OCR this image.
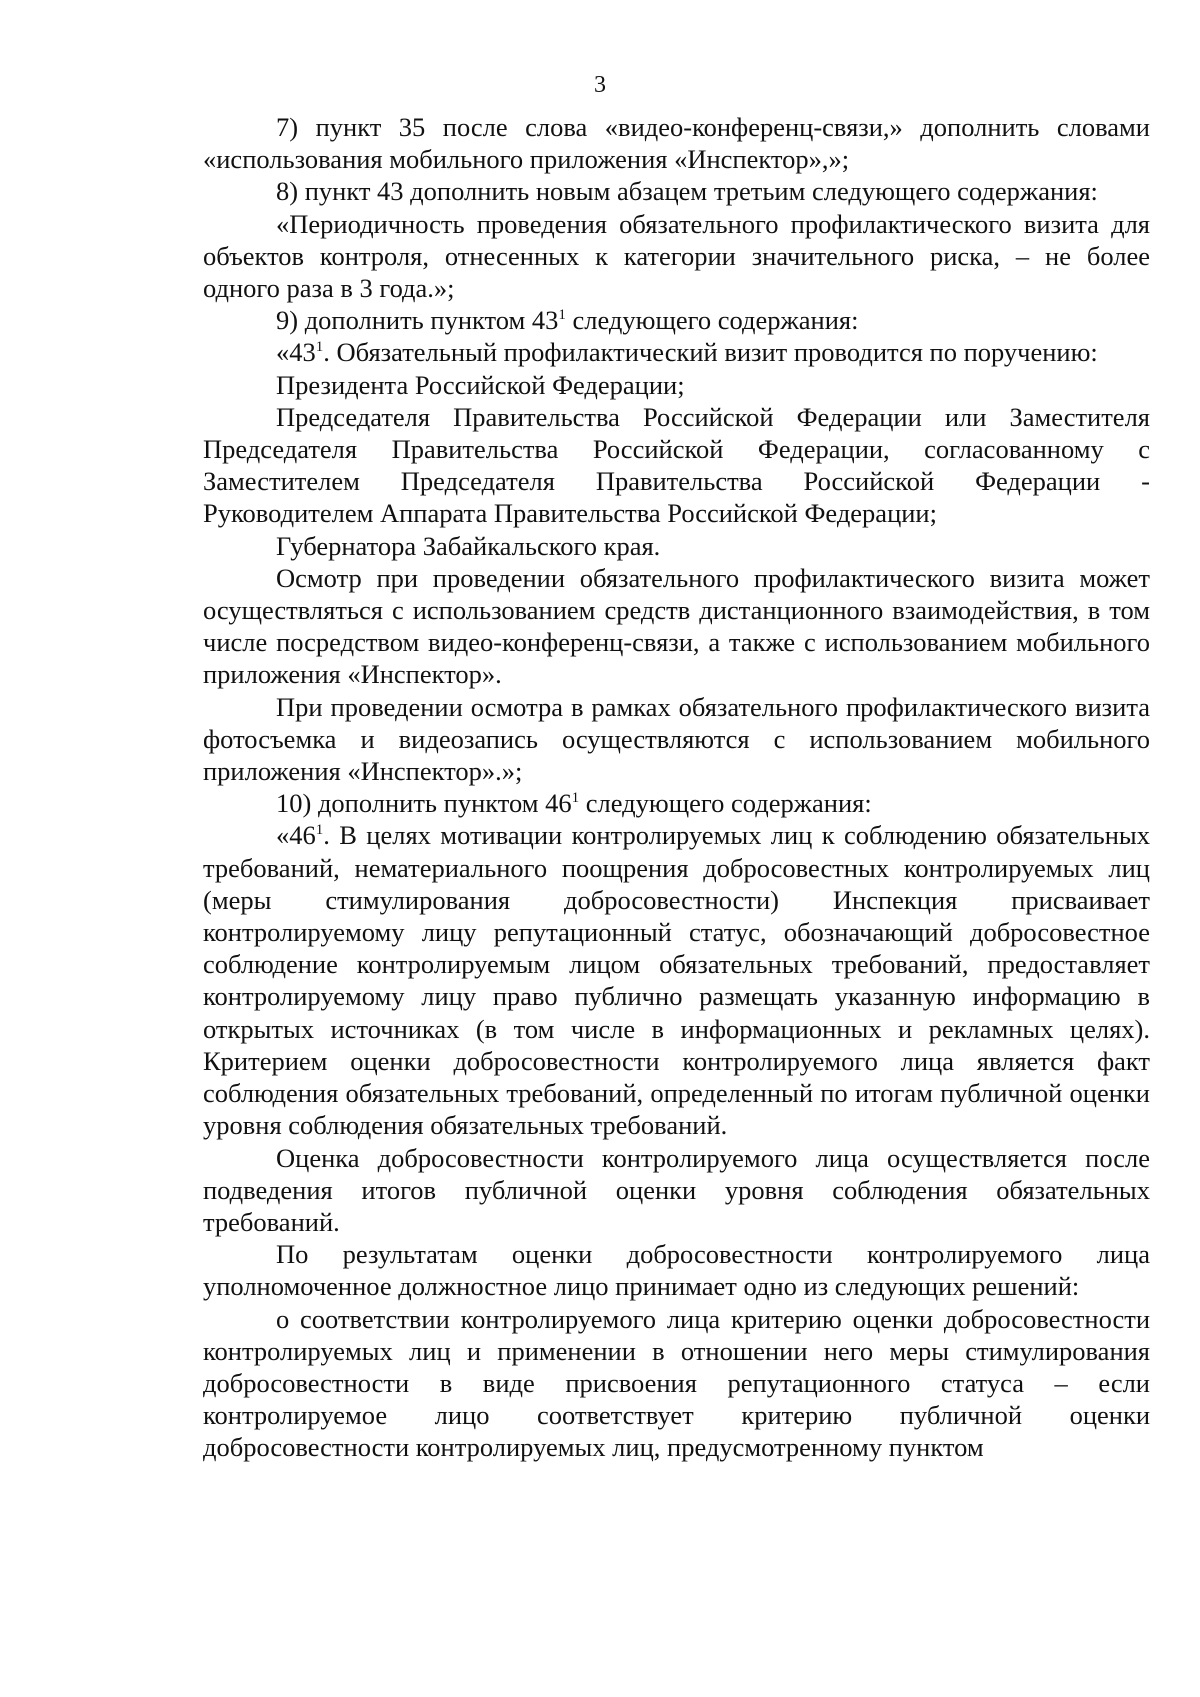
3

7) пункт 35 после слова «видео-конференц-связи,» дополнить словами «использования мобильного приложения «Инспектор»,»;

8) пункт 43 дополнить новым абзацем третьим следующего содержания:

«Периодичность проведения обязательного профилактического визита для объектов контроля, отнесенных к категории значительного риска, – не более одного раза в 3 года.»;

9) дополнить пунктом $43^1$ следующего содержания:

«$43^1$. Обязательный профилактический визит проводится по поручению:

Президента Российской Федерации;

Председателя Правительства Российской Федерации или Заместителя Председателя Правительства Российской Федерации, согласованному с Заместителем Председателя Правительства Российской Федерации - Руководителем Аппарата Правительства Российской Федерации;

Губернатора Забайкальского края.

Осмотр при проведении обязательного профилактического визита может осуществляться с использованием средств дистанционного взаимодействия, в том числе посредством видео-конференц-связи, а также с использованием мобильного приложения «Инспектор».

При проведении осмотра в рамках обязательного профилактического визита фотосъемка и видеозапись осуществляются с использованием мобильного приложения «Инспектор».»;

10) дополнить пунктом $46^1$ следующего содержания:

«$46^1$. В целях мотивации контролируемых лиц к соблюдению обязательных требований, нематериального поощрения добросовестных контролируемых лиц (меры стимулирования добросовестности) Инспекция присваивает контролируемому лицу репутационный статус, обозначающий добросовестное соблюдение контролируемым лицом обязательных требований, предоставляет контролируемому лицу право публично размещать указанную информацию в открытых источниках (в том числе в информационных и рекламных целях). Критерием оценки добросовестности контролируемого лица является факт соблюдения обязательных требований, определенный по итогам публичной оценки уровня соблюдения обязательных требований.

Оценка добросовестности контролируемого лица осуществляется после подведения итогов публичной оценки уровня соблюдения обязательных требований.

По результатам оценки добросовестности контролируемого лица уполномоченное должностное лицо принимает одно из следующих решений:

о соответствии контролируемого лица критерию оценки добросовестности контролируемых лиц и применении в отношении него меры стимулирования добросовестности в виде присвоения репутационного статуса – если контролируемое лицо соответствует критерию публичной оценки добросовестности контролируемых лиц, предусмотренному пунктом
